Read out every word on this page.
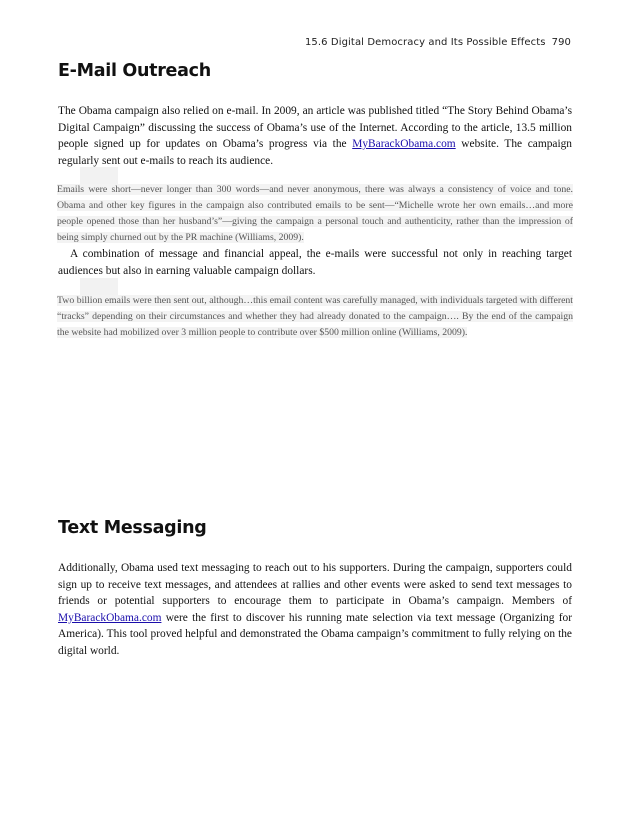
15.6 Digital Democracy and Its Possible Effects 790
E-Mail Outreach

The Obama campaign also relied on e-mail. In 2009, an article was published titled “The Story Behind Obama’s Digital Campaign” discussing the success of Obama’s use of the Internet. According to the article, 13.5 million people signed up for updates on Obama’s progress via the MyBarackObama.com website. The campaign regularly sent out e-mails to reach its audience.

Emails were short—never longer than 300 words—and never anonymous, there was always a consistency of voice and tone. Obama and other key figures in the campaign also contributed emails to be sent—“Michelle wrote her own emails…and more people opened those than her husband’s”—giving the campaign a personal touch and authenticity, rather than the impression of being simply churned out by the PR machine (Williams, 2009).

A combination of message and financial appeal, the e-mails were successful not only in reaching target audiences but also in earning valuable campaign dollars.

Two billion emails were then sent out, although…this email content was carefully managed, with individuals targeted with different “tracks” depending on their circumstances and whether they had already donated to the campaign…. By the end of the campaign the website had mobilized over 3 million people to contribute over $500 million online (Williams, 2009).

Text Messaging

Additionally, Obama used text messaging to reach out to his supporters. During the campaign, supporters could sign up to receive text messages, and attendees at rallies and other events were asked to send text messages to friends or potential supporters to encourage them to participate in Obama’s campaign. Members of MyBarackObama.com were the first to discover his running mate selection via text message (Organizing for America). This tool proved helpful and demonstrated the Obama campaign’s commitment to fully relying on the digital world.
